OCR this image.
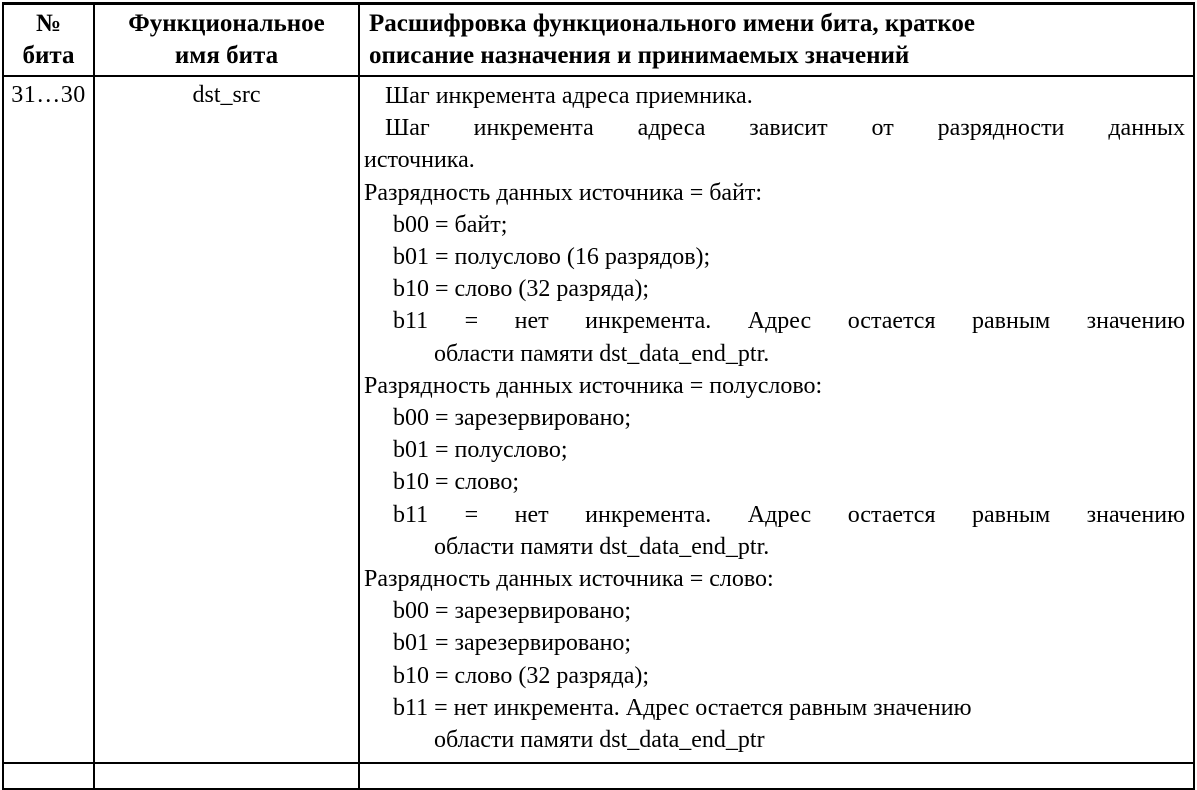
№
бита
Функциональное
имя бита
Расшифровка функционального имени бита, краткое
описание назначения и принимаемых значений
31…30	dst_src	Шаг инкремента адреса приемника.
Шаг инкремента адреса зависит от разрядности данных
источника.
Разрядность данных источника = байт:
b00 = байт;
b01 = полуслово (16 разрядов);
b10 = слово (32 разряда);
b11 = нет инкремента. Адрес остается равным значению
области памяти dst_data_end_ptr.
Разрядность данных источника = полуслово:
b00 = зарезервировано;
b01 = полуслово;
b10 = слово;
b11 = нет инкремента. Адрес остается равным значению
области памяти dst_data_end_ptr.
Разрядность данных источника = слово:
b00 = зарезервировано;
b01 = зарезервировано;
b10 = слово (32 разряда);
b11 = нет инкремента. Адрес остается равным значению
области памяти dst_data_end_ptr
